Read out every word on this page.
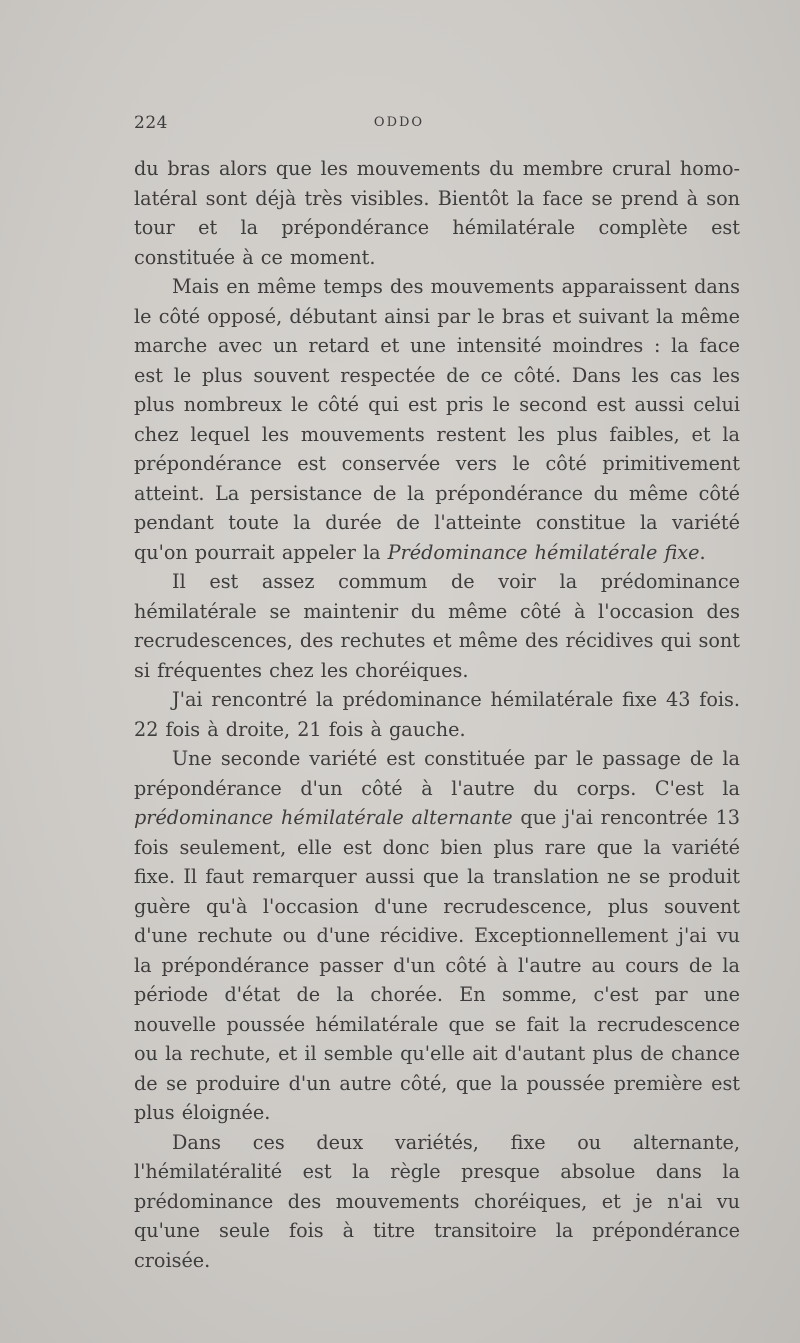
224	ODDO

du bras alors que les mouvements du membre crural homo-latéral sont déjà très visibles. Bientôt la face se prend à son tour et la prépondérance hémilatérale complète est constituée à ce moment.

Mais en même temps des mouvements apparaissent dans le côté opposé, débutant ainsi par le bras et suivant la même marche avec un retard et une intensité moindres : la face est le plus souvent respectée de ce côté. Dans les cas les plus nombreux le côté qui est pris le second est aussi celui chez lequel les mouvements restent les plus faibles, et la prépondérance est conservée vers le côté primitivement atteint. La persistance de la prépondérance du même côté pendant toute la durée de l'atteinte constitue la variété qu'on pourrait appeler la Prédominance hémilatérale fixe.

Il est assez commum de voir la prédominance hémilatérale se maintenir du même côté à l'occasion des recrudescences, des rechutes et même des récidives qui sont si fréquentes chez les choréiques.

J'ai rencontré la prédominance hémilatérale fixe 43 fois. 22 fois à droite, 21 fois à gauche.

Une seconde variété est constituée par le passage de la prépondérance d'un côté à l'autre du corps. C'est la prédominance hémilatérale alternante que j'ai rencontrée 13 fois seulement, elle est donc bien plus rare que la variété fixe. Il faut remarquer aussi que la translation ne se produit guère qu'à l'occasion d'une recrudescence, plus souvent d'une rechute ou d'une récidive. Exceptionnellement j'ai vu la prépondérance passer d'un côté à l'autre au cours de la période d'état de la chorée. En somme, c'est par une nouvelle poussée hémilatérale que se fait la recrudescence ou la rechute, et il semble qu'elle ait d'autant plus de chance de se produire d'un autre côté, que la poussée première est plus éloignée.

Dans ces deux variétés, fixe ou alternante, l'hémilatéralité est la règle presque absolue dans la prédominance des mouvements choréiques, et je n'ai vu qu'une seule fois à titre transitoire la prépondérance croisée.
